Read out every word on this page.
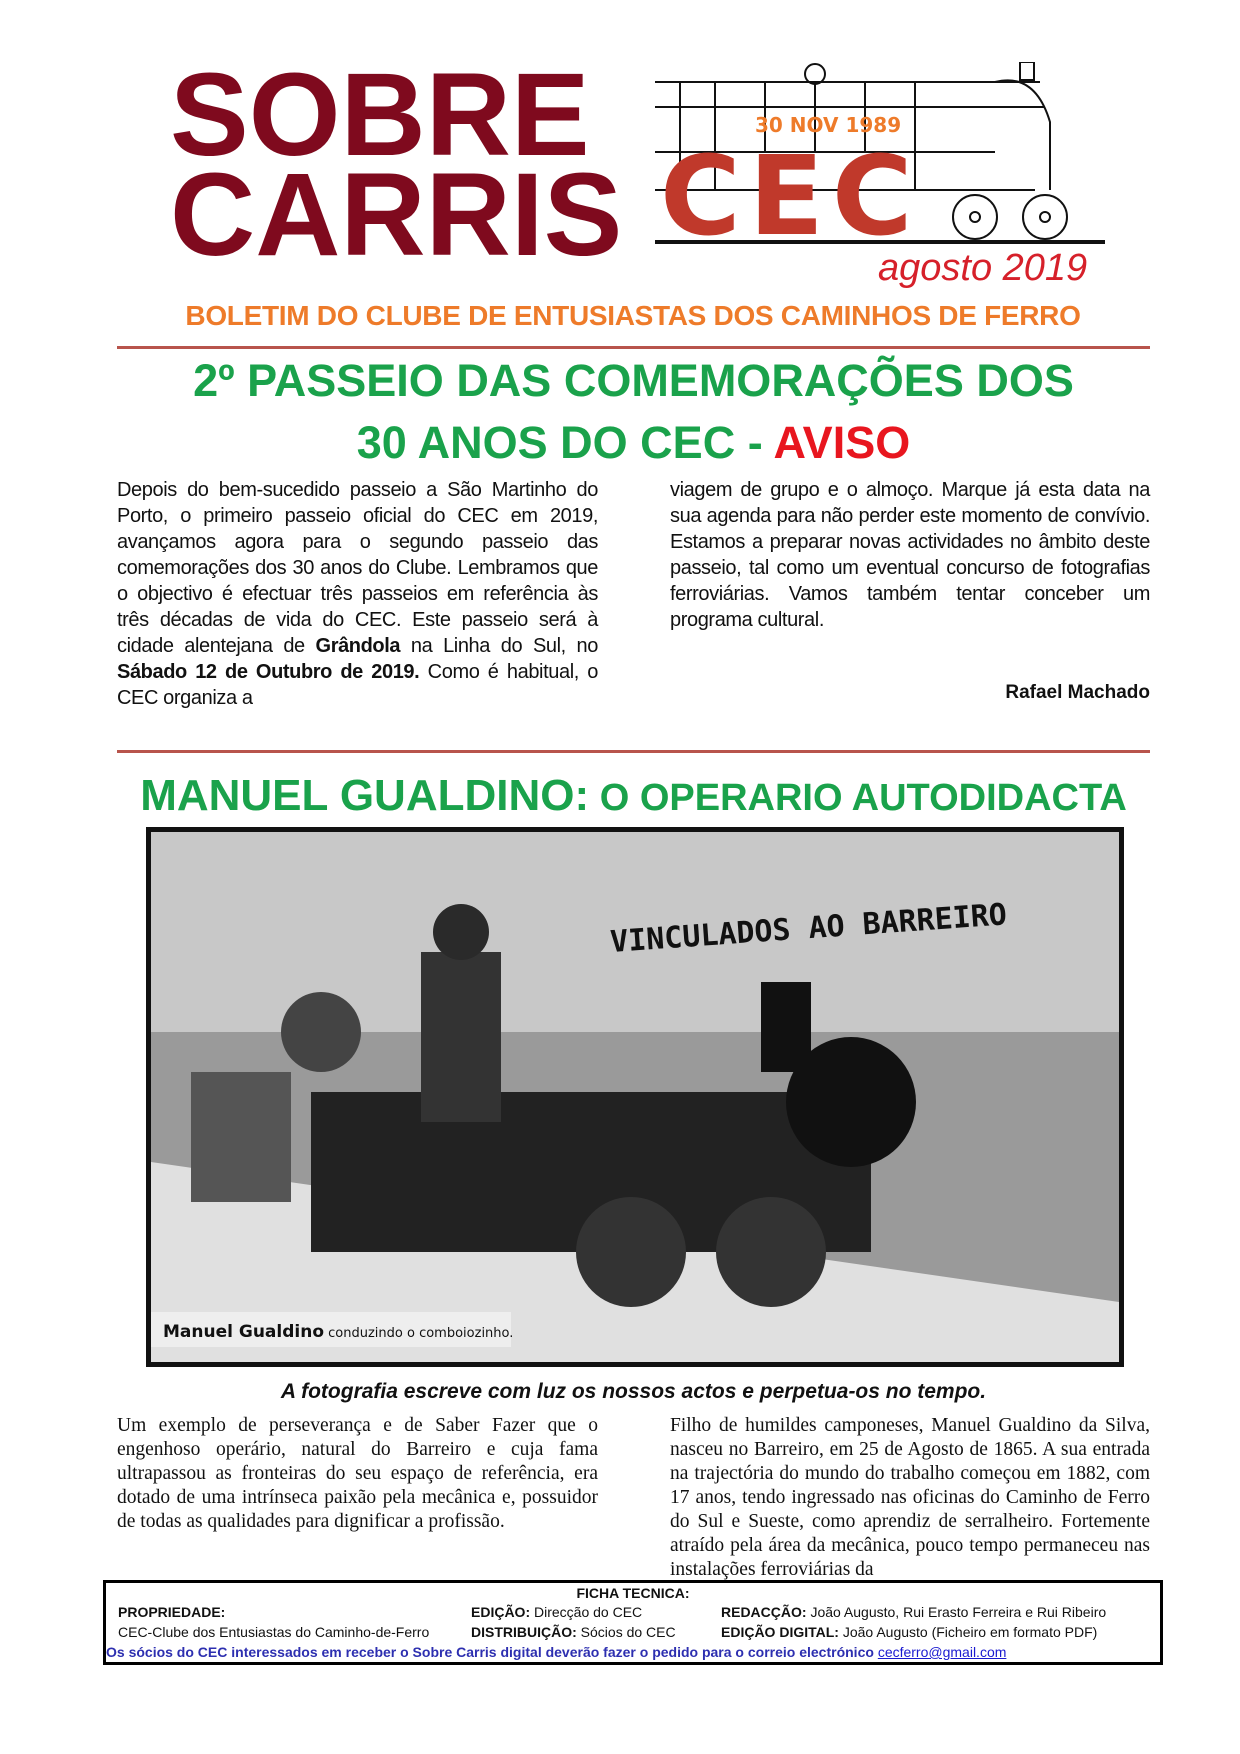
SOBRE
CARRIS
30 NOV 1989
CEC
agosto 2019
BOLETIM DO CLUBE DE ENTUSIASTAS DOS CAMINHOS DE FERRO
2º PASSEIO DAS COMEMORAÇÕES DOS
30 ANOS DO CEC - AVISO
Depois do bem-sucedido passeio a São Martinho do Porto, o primeiro passeio oficial do CEC em 2019, avançamos agora para o segundo passeio das comemorações dos 30 anos do Clube. Lembramos que o objectivo é efectuar três passeios em referência às três décadas de vida do CEC. Este passeio será à cidade alentejana de Grândola na Linha do Sul, no Sábado 12 de Outubro de 2019. Como é habitual, o CEC organiza a
viagem de grupo e o almoço. Marque já esta data na sua agenda para não perder este momento de convívio. Estamos a preparar novas actividades no âmbito deste passeio, tal como um eventual concurso de fotografias ferroviárias. Vamos também tentar conceber um programa cultural.
Rafael Machado
MANUEL GUALDINO: O OPERARIO AUTODIDACTA
VINCULADOS AO BARREIRO
Manuel Gualdino conduzindo o comboiozinho.
A fotografia escreve com luz os nossos actos e perpetua-os no tempo.
Um exemplo de perseverança e de Saber Fazer que o engenhoso operário, natural do Barreiro e cuja fama ultrapassou as fronteiras do seu espaço de referência, era dotado de uma intrínseca paixão pela mecânica e, possuidor de todas as qualidades para dignificar a profissão.
Filho de humildes camponeses, Manuel Gualdino da Silva, nasceu no Barreiro, em 25 de Agosto de 1865. A sua entrada na trajectória do mundo do trabalho começou em 1882, com 17 anos, tendo ingressado nas oficinas do Caminho de Ferro do Sul e Sueste, como aprendiz de serralheiro. Fortemente atraído pela área da mecânica, pouco tempo permaneceu nas instalações ferroviárias da
FICHA TECNICA:
PROPRIEDADE:
CEC-Clube dos Entusiastas do Caminho-de-Ferro
EDIÇÃO: Direcção do CEC
DISTRIBUIÇÃO: Sócios do CEC
REDACÇÃO: João Augusto, Rui Erasto Ferreira e Rui Ribeiro
EDIÇÃO DIGITAL: João Augusto (Ficheiro em formato PDF)
Os sócios do CEC interessados em receber o Sobre Carris digital deverão fazer o pedido para o correio electrónico cecferro@gmail.com
